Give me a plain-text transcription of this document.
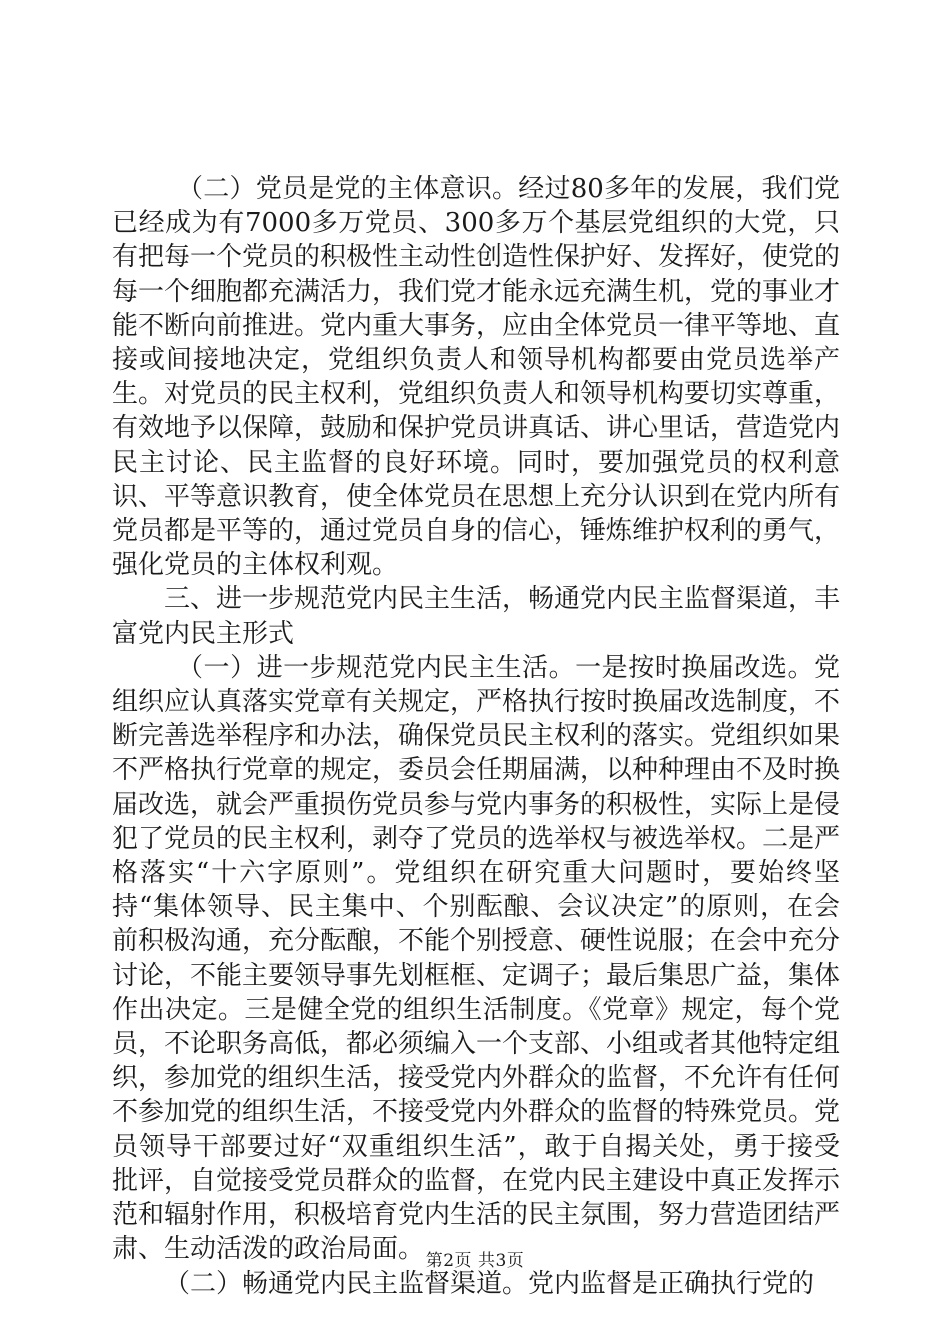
（二）党员是党的主体意识。经过80多年的发展，我们党已经成为有7000多万党员、300多万个基层党组织的大党，只有把每一个党员的积极性主动性创造性保护好、发挥好，使党的每一个细胞都充满活力，我们党才能永远充满生机，党的事业才能不断向前推进。党内重大事务，应由全体党员一律平等地、直接或间接地决定，党组织负责人和领导机构都要由党员选举产生。对党员的民主权利，党组织负责人和领导机构要切实尊重，有效地予以保障，鼓励和保护党员讲真话、讲心里话，营造党内民主讨论、民主监督的良好环境。同时，要加强党员的权利意识、平等意识教育，使全体党员在思想上充分认识到在党内所有党员都是平等的，通过党员自身的信心，锤炼维护权利的勇气，强化党员的主体权利观。

三、进一步规范党内民主生活，畅通党内民主监督渠道，丰富党内民主形式

（一）进一步规范党内民主生活。一是按时换届改选。党组织应认真落实党章有关规定，严格执行按时换届改选制度，不断完善选举程序和办法，确保党员民主权利的落实。党组织如果不严格执行党章的规定，委员会任期届满，以种种理由不及时换届改选，就会严重损伤党员参与党内事务的积极性，实际上是侵犯了党员的民主权利，剥夺了党员的选举权与被选举权。二是严格落实“十六字原则”。党组织在研究重大问题时，要始终坚持“集体领导、民主集中、个别酝酿、会议决定”的原则，在会前积极沟通，充分酝酿，不能个别授意、硬性说服；在会中充分讨论，不能主要领导事先划框框、定调子；最后集思广益，集体作出决定。三是健全党的组织生活制度。《党章》规定，每个党员，不论职务高低，都必须编入一个支部、小组或者其他特定组织，参加党的组织生活，接受党内外群众的监督，不允许有任何不参加党的组织生活，不接受党内外群众的监督的特殊党员。党员领导干部要过好“双重组织生活”，敢于自揭关处，勇于接受批评，自觉接受党员群众的监督，在党内民主建设中真正发挥示范和辐射作用，积极培育党内生活的民主氛围，努力营造团结严肃、生动活泼的政治局面。

（二）畅通党内民主监督渠道。党内监督是正确执行党的

第2页 共3页
